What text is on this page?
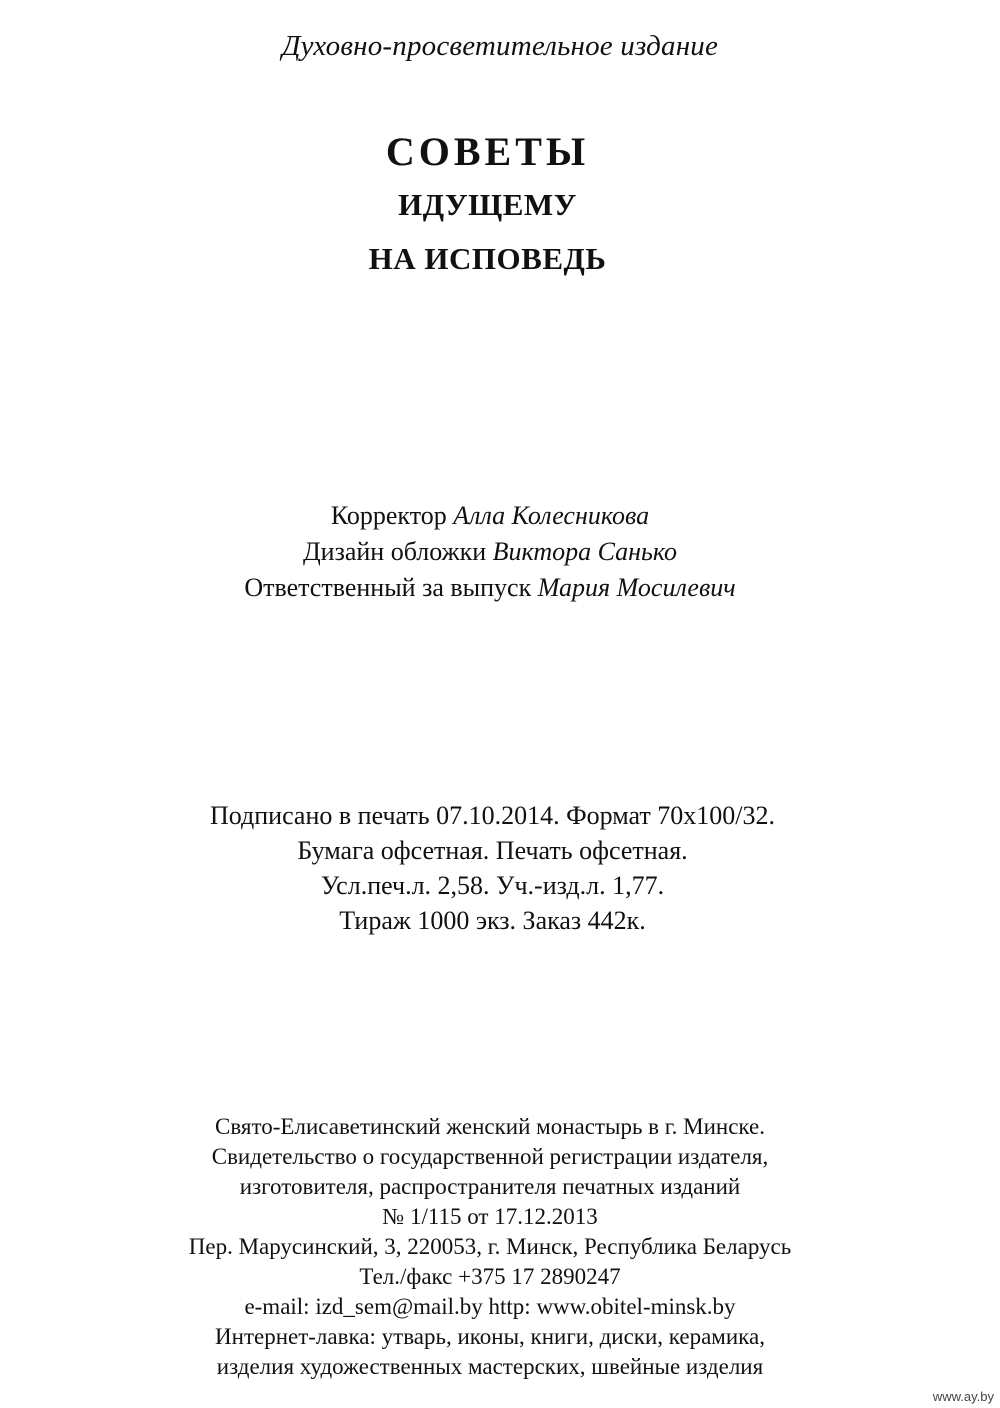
Духовно-просветительное издание
СОВЕТЫ
ИДУЩЕМУ
НА ИСПОВЕДЬ
Корректор Алла Колесникова
Дизайн обложки Виктора Санько
Ответственный за выпуск Мария Мосилевич
Подписано в печать 07.10.2014. Формат 70х100/32.
Бумага офсетная. Печать офсетная.
Усл.печ.л. 2,58. Уч.-изд.л. 1,77.
Тираж 1000 экз. Заказ 442к.
Свято-Елисаветинский женский монастырь в г. Минске.
Свидетельство о государственной регистрации издателя,
изготовителя, распространителя печатных изданий
№ 1/115 от 17.12.2013
Пер. Марусинский, 3, 220053, г. Минск, Республика Беларусь
Тел./факс +375 17 2890247
e-mail: izd_sem@mail.by http: www.obitel-minsk.by
Интернет-лавка: утварь, иконы, книги, диски, керамика,
изделия художественных мастерских, швейные изделия
www.ay.by
